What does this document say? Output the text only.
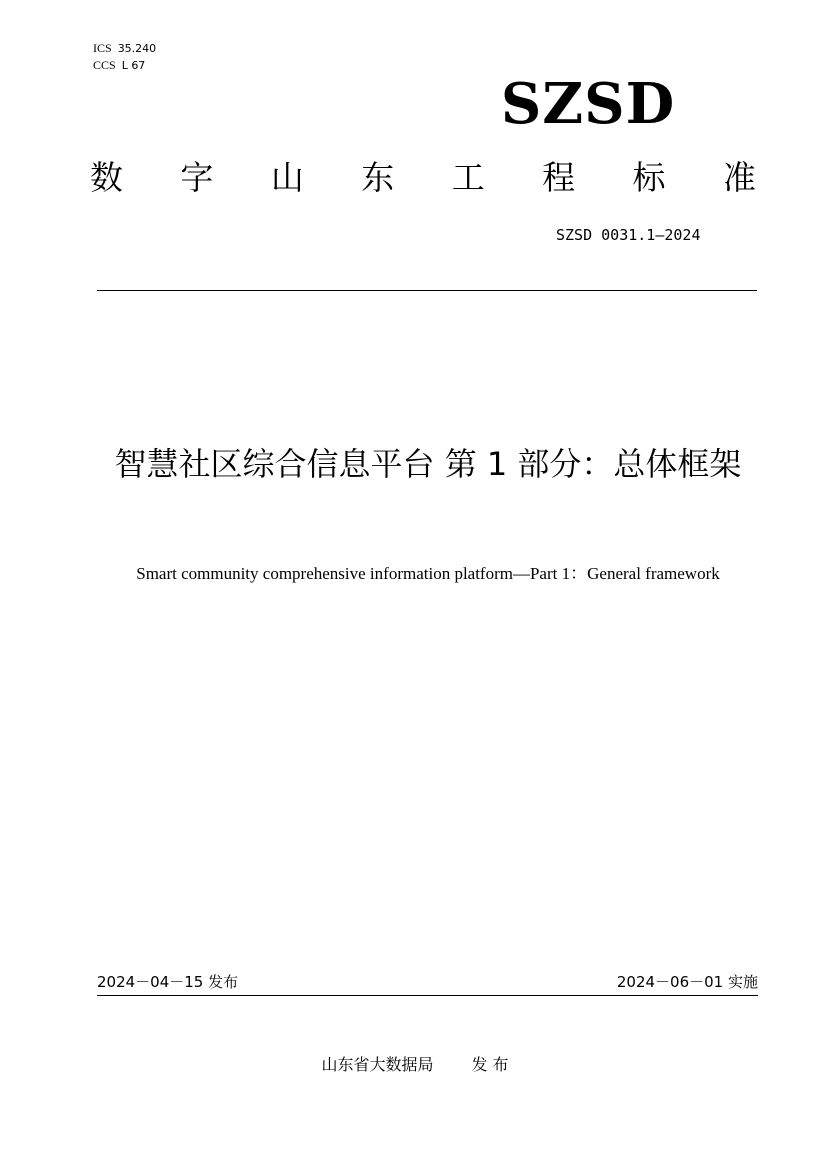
ICS 35.240
CCS L 67
SZSD
数 字 山 东 工 程 标 准
SZSD 0031.1—2024
智慧社区综合信息平台 第 1 部分：总体框架
Smart community comprehensive information platform—Part 1：General framework
2024－04－15 发布	2024－06－01 实施
山东省大数据局 发 布
